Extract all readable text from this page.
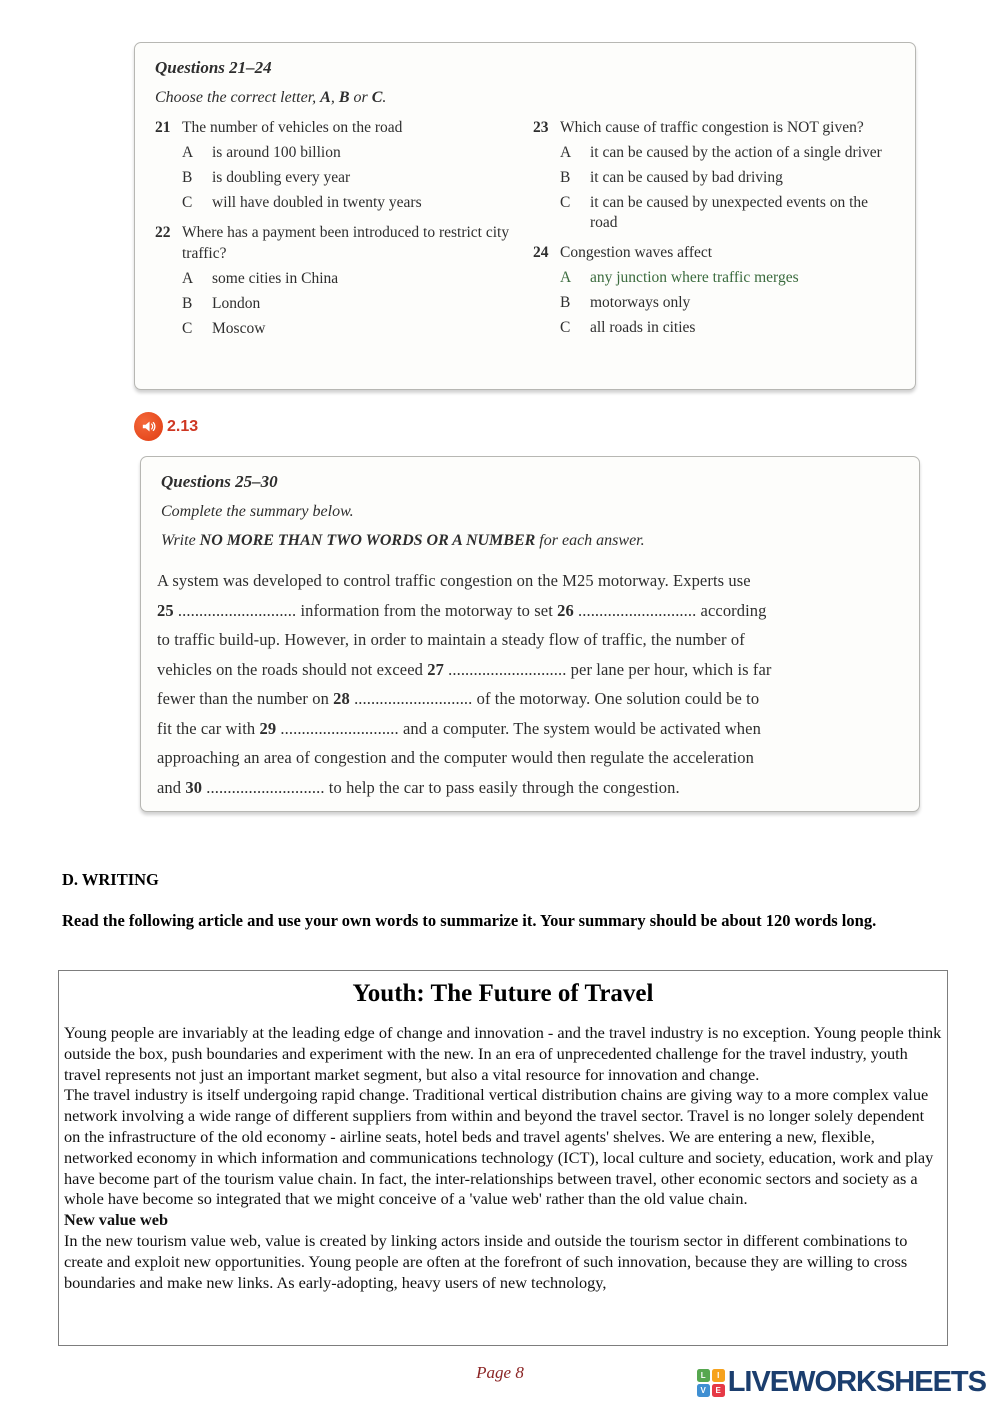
Questions 21–24
Choose the correct letter, A, B or C.
21 The number of vehicles on the road
A	is around 100 billion
B	is doubling every year
C	will have doubled in twenty years
22 Where has a payment been introduced to restrict city traffic?
A	some cities in China
B	London
C	Moscow
23 Which cause of traffic congestion is NOT given?
A	it can be caused by the action of a single driver
B	it can be caused by bad driving
C	it can be caused by unexpected events on the road
24 Congestion waves affect
A	any junction where traffic merges
B	motorways only
C	all roads in cities
2.13
Questions 25–30
Complete the summary below.
Write NO MORE THAN TWO WORDS OR A NUMBER for each answer.
A system was developed to control traffic congestion on the M25 motorway. Experts use
25 ............................ information from the motorway to set 26 ............................ according
to traffic build-up. However, in order to maintain a steady flow of traffic, the number of
vehicles on the roads should not exceed 27 ............................ per lane per hour, which is far
fewer than the number on 28 ............................ of the motorway. One solution could be to
fit the car with 29 ............................ and a computer. The system would be activated when
approaching an area of congestion and the computer would then regulate the acceleration
and 30 ............................ to help the car to pass easily through the congestion.
D. WRITING
Read the following article and use your own words to summarize it. Your summary should be about 120 words long.
Youth: The Future of Travel

Young people are invariably at the leading edge of change and innovation - and the travel industry is no exception. Young people think outside the box, push boundaries and experiment with the new. In an era of unprecedented challenge for the travel industry, youth travel represents not just an important market segment, but also a vital resource for innovation and change.

The travel industry is itself undergoing rapid change. Traditional vertical distribution chains are giving way to a more complex value network involving a wide range of different suppliers from within and beyond the travel sector. Travel is no longer solely dependent on the infrastructure of the old economy - airline seats, hotel beds and travel agents' shelves. We are entering a new, flexible, networked economy in which information and communications technology (ICT), local culture and society, education, work and play have become part of the tourism value chain. In fact, the inter-relationships between travel, other economic sectors and society as a whole have become so integrated that we might conceive of a 'value web' rather than the old value chain.

New value web

In the new tourism value web, value is created by linking actors inside and outside the tourism sector in different combinations to create and exploit new opportunities. Young people are often at the forefront of such innovation, because they are willing to cross boundaries and make new links. As early-adopting, heavy users of new technology,

Page 8	L	I
V	E LIVEWORKSHEETS
